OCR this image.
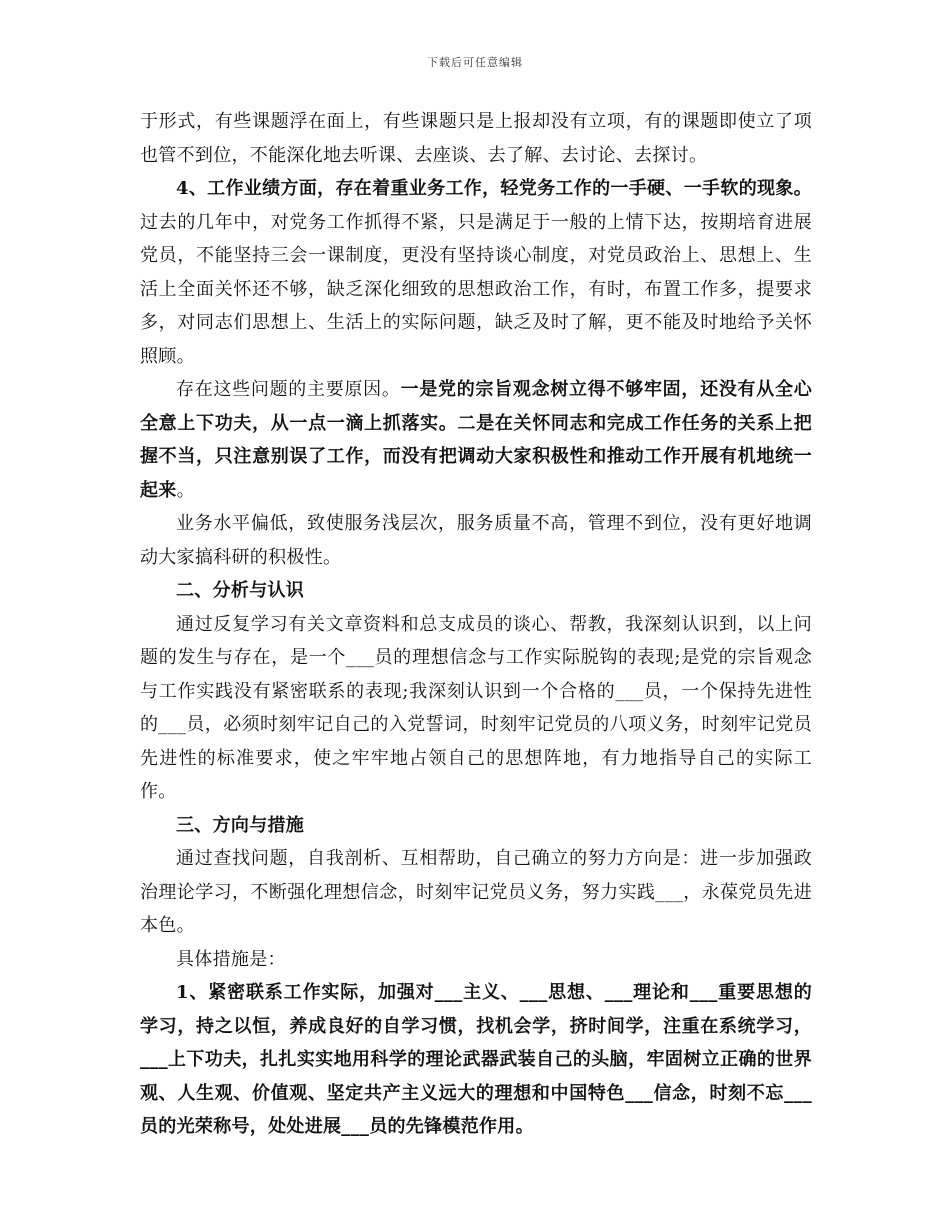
下载后可任意编辑

于形式，有些课题浮在面上，有些课题只是上报却没有立项，有的课题即使立了项也管不到位，不能深化地去听课、去座谈、去了解、去讨论、去探讨。

4、工作业绩方面，存在着重业务工作，轻党务工作的一手硬、一手软的现象。过去的几年中，对党务工作抓得不紧，只是满足于一般的上情下达，按期培育进展党员，不能坚持三会一课制度，更没有坚持谈心制度，对党员政治上、思想上、生活上全面关怀还不够，缺乏深化细致的思想政治工作，有时，布置工作多，提要求多，对同志们思想上、生活上的实际问题，缺乏及时了解，更不能及时地给予关怀照顾。

存在这些问题的主要原因。一是党的宗旨观念树立得不够牢固，还没有从全心全意上下功夫，从一点一滴上抓落实。二是在关怀同志和完成工作任务的关系上把握不当，只注意别误了工作，而没有把调动大家积极性和推动工作开展有机地统一起来。

业务水平偏低，致使服务浅层次，服务质量不高，管理不到位，没有更好地调动大家搞科研的积极性。

二、分析与认识

通过反复学习有关文章资料和总支成员的谈心、帮教，我深刻认识到，以上问题的发生与存在，是一个___员的理想信念与工作实际脱钩的表现;是党的宗旨观念与工作实践没有紧密联系的表现;我深刻认识到一个合格的___员，一个保持先进性的___员，必须时刻牢记自己的入党誓词，时刻牢记党员的八项义务，时刻牢记党员先进性的标准要求，使之牢牢地占领自己的思想阵地，有力地指导自己的实际工作。

三、方向与措施

通过查找问题，自我剖析、互相帮助，自己确立的努力方向是：进一步加强政治理论学习，不断强化理想信念，时刻牢记党员义务，努力实践___，永葆党员先进本色。

具体措施是：

1、紧密联系工作实际，加强对___主义、___思想、___理论和___重要思想的学习，持之以恒，养成良好的自学习惯，找机会学，挤时间学，注重在系统学习，___上下功夫，扎扎实实地用科学的理论武器武装自己的头脑，牢固树立正确的世界观、人生观、价值观、坚定共产主义远大的理想和中国特色___信念，时刻不忘___员的光荣称号，处处进展___员的先锋模范作用。
